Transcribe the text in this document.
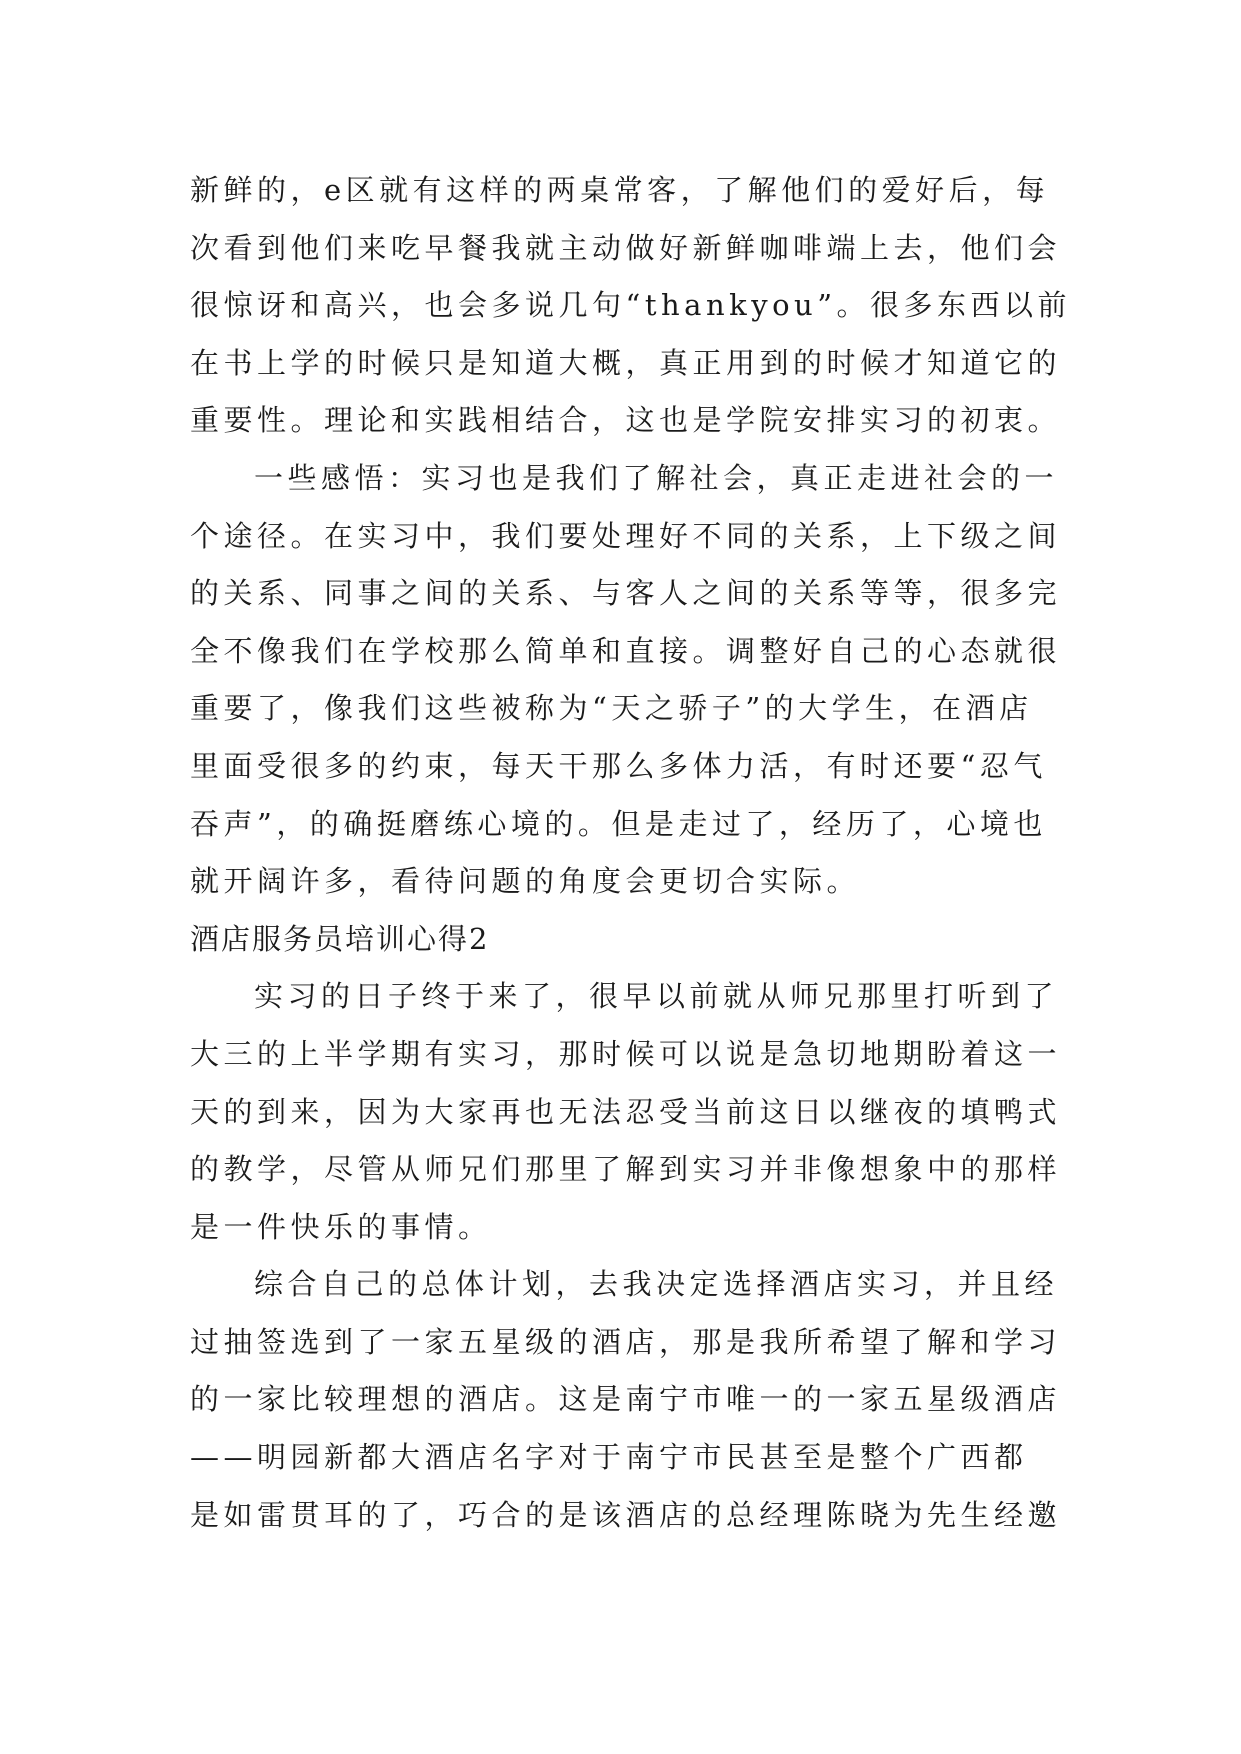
新鲜的，e区就有这样的两桌常客，了解他们的爱好后，每
次看到他们来吃早餐我就主动做好新鲜咖啡端上去，他们会
很惊讶和高兴，也会多说几句“thankyou”。很多东西以前
在书上学的时候只是知道大概，真正用到的时候才知道它的
重要性。理论和实践相结合，这也是学院安排实习的初衷。
一些感悟：实习也是我们了解社会，真正走进社会的一
个途径。在实习中，我们要处理好不同的关系，上下级之间
的关系、同事之间的关系、与客人之间的关系等等，很多完
全不像我们在学校那么简单和直接。调整好自己的心态就很
重要了，像我们这些被称为“天之骄子”的大学生，在酒店
里面受很多的约束，每天干那么多体力活，有时还要“忍气
吞声”，的确挺磨练心境的。但是走过了，经历了，心境也
就开阔许多，看待问题的角度会更切合实际。
酒店服务员培训心得2
实习的日子终于来了，很早以前就从师兄那里打听到了
大三的上半学期有实习，那时候可以说是急切地期盼着这一
天的到来，因为大家再也无法忍受当前这日以继夜的填鸭式
的教学，尽管从师兄们那里了解到实习并非像想象中的那样
是一件快乐的事情。
综合自己的总体计划，去我决定选择酒店实习，并且经
过抽签选到了一家五星级的酒店，那是我所希望了解和学习
的一家比较理想的酒店。这是南宁市唯一的一家五星级酒店
——明园新都大酒店名字对于南宁市民甚至是整个广西都
是如雷贯耳的了，巧合的是该酒店的总经理陈晓为先生经邀
